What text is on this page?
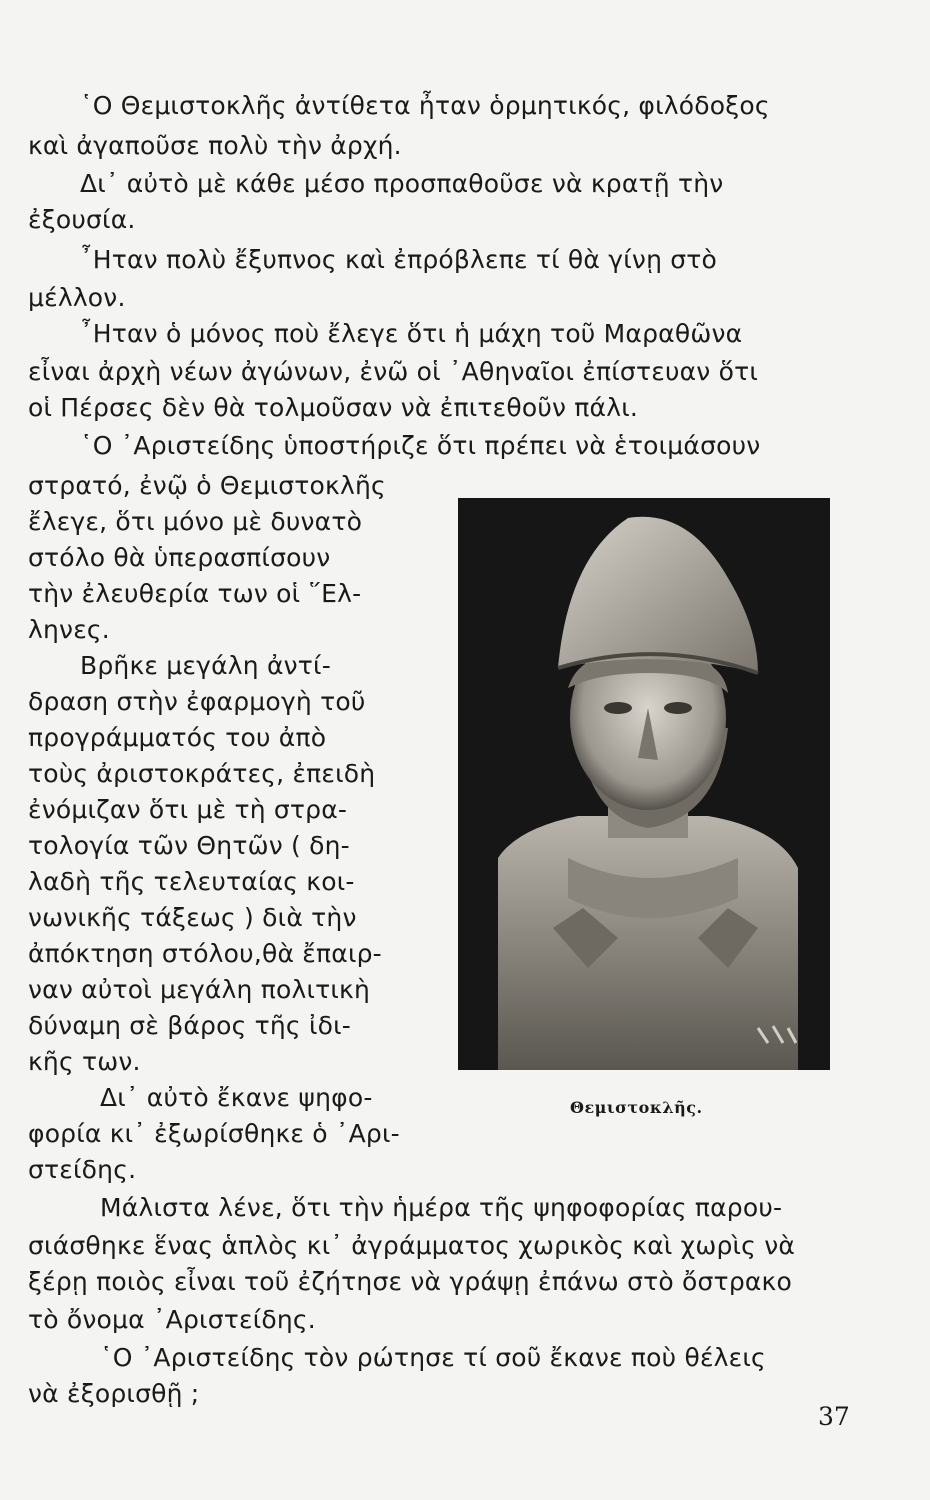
῾Ο Θεμιστοκλῆς ἀντίθετα ἦταν ὁρμητικός, φιλόδοξος
καὶ ἀγαποῦσε πολὺ τὴν ἀρχή.
Δι᾿ αὐτὸ μὲ κάθε μέσο προσπαθοῦσε νὰ κρατῇ τὴν
ἐξουσία.
῏Ηταν πολὺ ἔξυπνος καὶ ἐπρόβλεπε τί θὰ γίνῃ στὸ
μέλλον.
῏Ηταν ὁ μόνος ποὺ ἔλεγε ὅτι ἡ μάχη τοῦ Μαραθῶνα
εἶναι ἀρχὴ νέων ἀγώνων, ἐνῶ οἱ ᾿Αθηναῖοι ἐπίστευαν ὅτι
οἱ Πέρσες δὲν θὰ τολμοῦσαν νὰ ἐπιτεθοῦν πάλι.
῾Ο ᾿Αριστείδης ὑποστήριζε ὅτι πρέπει νὰ ἑτοιμάσουν
στρατό, ἐνῷ ὁ Θεμιστοκλῆς
ἔλεγε, ὅτι μόνο μὲ δυνατὸ
στόλο θὰ ὑπερασπίσουν
τὴν ἐλευθερία των οἱ ῞Ελ-
ληνες.
Βρῆκε μεγάλη ἀντί-
δραση στὴν ἐφαρμογὴ τοῦ
προγράμματός του ἀπὸ
τοὺς ἀριστοκράτες, ἐπειδὴ
ἐνόμιζαν ὅτι μὲ τὴ στρα-
τολογία τῶν Θητῶν ( δη-
λαδὴ τῆς τελευταίας κοι-
νωνικῆς τάξεως ) διὰ τὴν
ἀπόκτηση στόλου,θὰ ἔπαιρ-
ναν αὐτοὶ μεγάλη πολιτικὴ
δύναμη σὲ βάρος τῆς ἰδι-
κῆς των.
Δι᾿ αὐτὸ ἔκανε ψηφο-
φορία κι᾿ ἐξωρίσθηκε ὁ ᾿Αρι-
στείδης.
Μάλιστα λένε, ὅτι τὴν ἡμέρα τῆς ψηφοφορίας παρου-
σιάσθηκε ἕνας ἁπλὸς κι᾿ ἀγράμματος χωρικὸς καὶ χωρὶς νὰ
ξέρῃ ποιὸς εἶναι τοῦ ἐζήτησε νὰ γράψῃ ἐπάνω στὸ ὄστρακο
τὸ ὄνομα ᾿Αριστείδης.
῾Ο ᾿Αριστείδης τὸν ρώτησε τί σοῦ ἔκανε ποὺ θέλεις
νὰ ἐξορισθῇ ;
Θεμιστοκλῆς.
37
